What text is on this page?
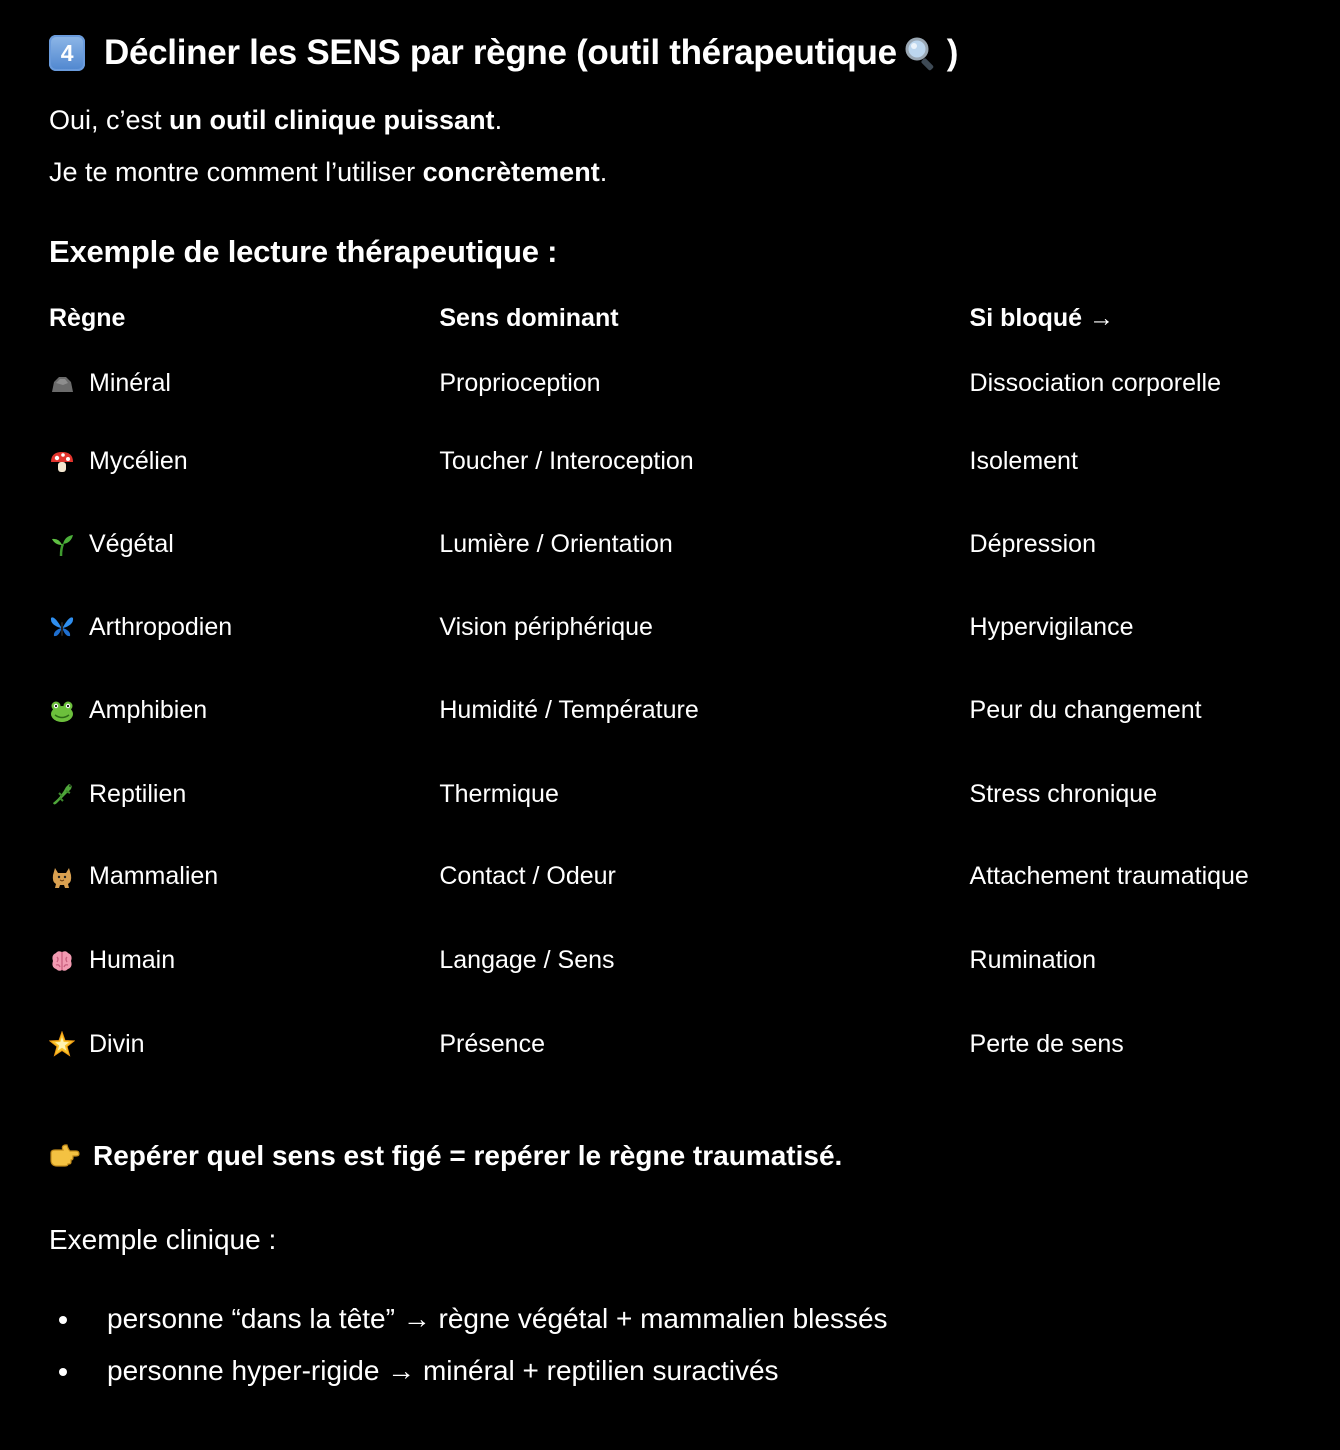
4 Décliner les SENS par règne (outil thérapeutique )

Oui, c’est un outil clinique puissant.

Je te montre comment l’utiliser concrètement.

Exemple de lecture thérapeutique :
Règne	Sens dominant	Si bloqué →
Minéral	Proprioception	Dissociation corporelle
Mycélien	Toucher / Interoception	Isolement
Végétal	Lumière / Orientation	Dépression
Arthropodien	Vision périphérique	Hypervigilance
Amphibien	Humidité / Température	Peur du changement
Reptilien	Thermique	Stress chronique
Mammalien	Contact / Odeur	Attachement traumatique
Humain	Langage / Sens	Rumination
Divin	Présence	Perte de sens
Repérer quel sens est figé = repérer le règne traumatisé.
Exemple clinique :
personne “dans la tête” → règne végétal + mammalien blessés
personne hyper-rigide → minéral + reptilien suractivés
